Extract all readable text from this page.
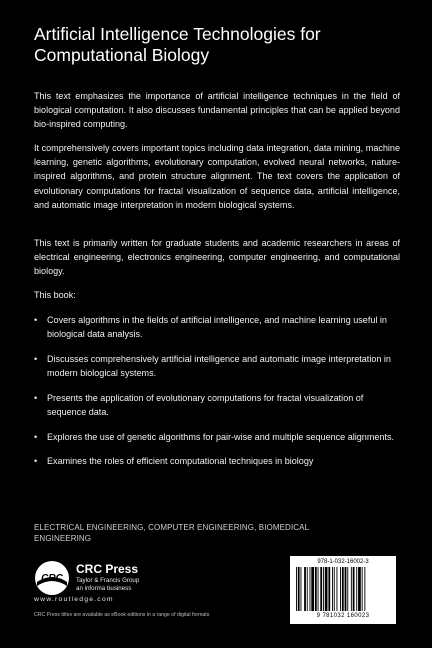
Artificial Intelligence Technologies for Computational Biology

This text emphasizes the importance of artificial intelligence techniques in the field of biological computation. It also discusses fundamental principles that can be applied beyond bio-inspired computing.

It comprehensively covers important topics including data integration, data mining, machine learning, genetic algorithms, evolutionary computation, evolved neural networks, nature-inspired algorithms, and protein structure alignment. The text covers the application of evolutionary computations for fractal visualization of sequence data, artificial intelligence, and automatic image interpretation in modern biological systems.

This text is primarily written for graduate students and academic researchers in areas of electrical engineering, electronics engineering, computer engineering, and computational biology.

This book:

• Covers algorithms in the fields of artificial intelligence, and machine learning useful in biological data analysis.
• Discusses comprehensively artificial intelligence and automatic image interpretation in modern biological systems.
• Presents the application of evolutionary computations for fractal visualization of sequence data.
• Explores the use of genetic algorithms for pair-wise and multiple sequence alignments.
• Examines the roles of efficient computational techniques in biology
ELECTRICAL ENGINEERING, COMPUTER ENGINEERING, BIOMEDICAL ENGINEERING
CRC
CRC Press
Taylor & Francis Group
an informa business
www.routledge.com
CRC Press titles are available as eBook editions in a range of digital formats
978-1-032-16002-3
9 781032 160023
